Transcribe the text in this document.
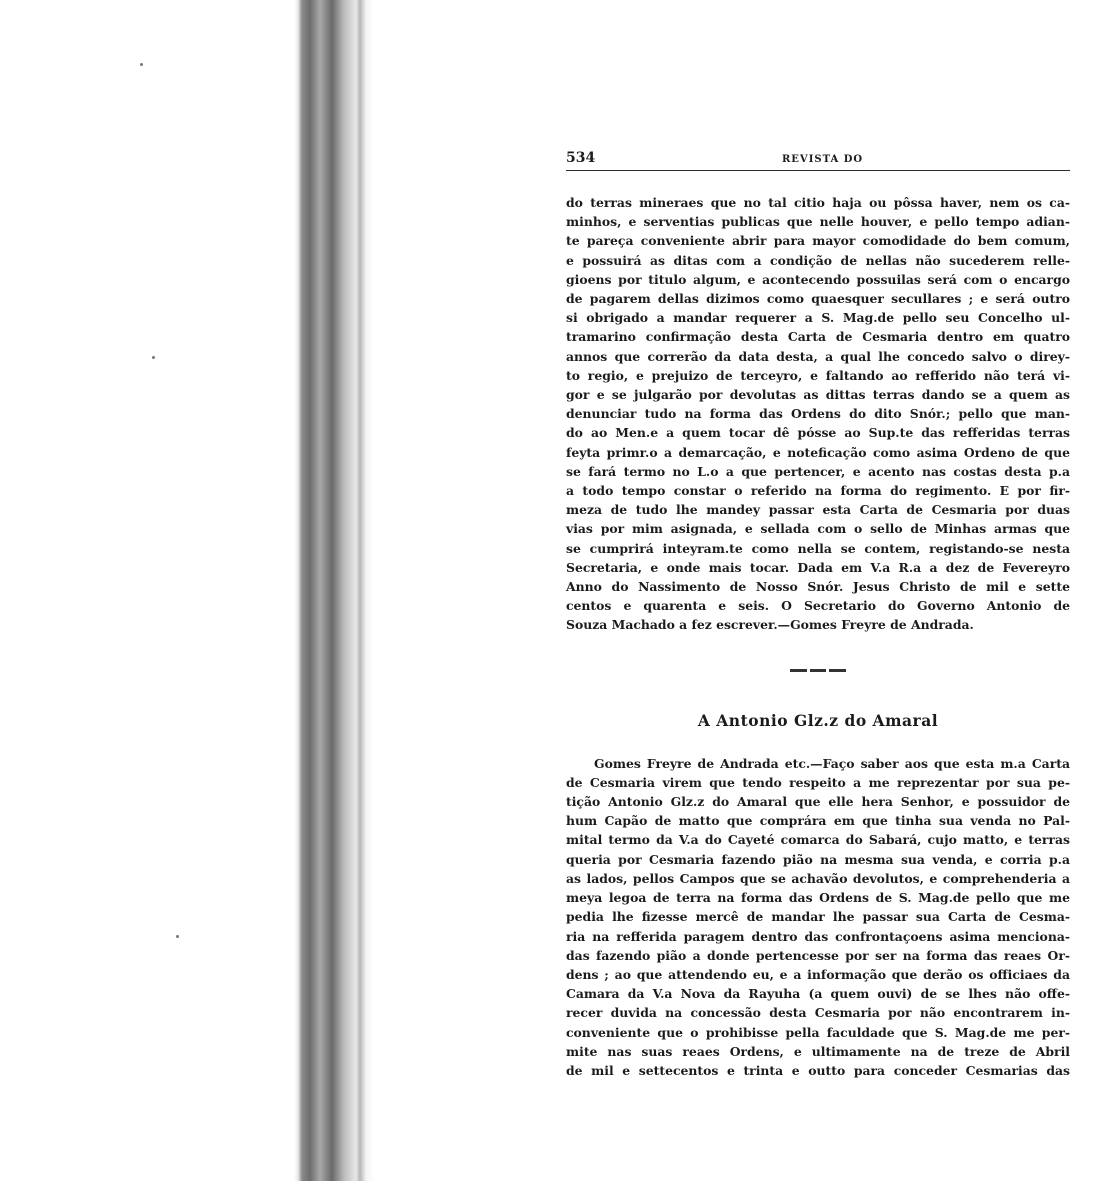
534	REVISTA DO
do terras mineraes que no tal citio haja ou pôssa haver, nem os ca-
minhos, e serventias publicas que nelle houver, e pello tempo adian-
te pareça conveniente abrir para mayor comodidade do bem comum,
e possuirá as ditas com a condição de nellas não sucederem relle-
gioens por titulo algum, e acontecendo possuilas será com o encargo
de pagarem dellas dizimos como quaesquer secullares ; e será outro
si obrigado a mandar requerer a S. Mag.de pello seu Concelho ul-
tramarino confirmação desta Carta de Cesmaria dentro em quatro
annos que correrão da data desta, a qual lhe concedo salvo o direy-
to regio, e prejuizo de terceyro, e faltando ao refferido não terá vi-
gor e se julgarão por devolutas as dittas terras dando se a quem as
denunciar tudo na forma das Ordens do dito Snór.; pello que man-
do ao Men.e a quem tocar dê pósse ao Sup.te das refferidas terras
feyta primr.o a demarcação, e noteficação como asima Ordeno de que
se fará termo no L.o a que pertencer, e acento nas costas desta p.a
a todo tempo constar o referido na forma do regimento. E por fir-
meza de tudo lhe mandey passar esta Carta de Cesmaria por duas
vias por mim asignada, e sellada com o sello de Minhas armas que
se cumprirá inteyram.te como nella se contem, registando-se nesta
Secretaria, e onde mais tocar. Dada em V.a R.a a dez de Fevereyro
Anno do Nassimento de Nosso Snór. Jesus Christo de mil e sette
centos e quarenta e seis. O Secretario do Governo Antonio de
Souza Machado a fez escrever.—Gomes Freyre de Andrada.
A Antonio Glz.z do Amaral
Gomes Freyre de Andrada etc.—Faço saber aos que esta m.a Carta
de Cesmaria virem que tendo respeito a me reprezentar por sua pe-
tição Antonio Glz.z do Amaral que elle hera Senhor, e possuidor de
hum Capão de matto que comprára em que tinha sua venda no Pal-
mital termo da V.a do Cayeté comarca do Sabará, cujo matto, e terras
queria por Cesmaria fazendo pião na mesma sua venda, e corria p.a
as lados, pellos Campos que se achavão devolutos, e comprehenderia a
meya legoa de terra na forma das Ordens de S. Mag.de pello que me
pedia lhe fizesse mercê de mandar lhe passar sua Carta de Cesma-
ria na refferida paragem dentro das confrontaçoens asima menciona-
das fazendo pião a donde pertencesse por ser na forma das reaes Or-
dens ; ao que attendendo eu, e a informação que derão os officiaes da
Camara da V.a Nova da Rayuha (a quem ouvi) de se lhes não offe-
recer duvida na concessão desta Cesmaria por não encontrarem in-
conveniente que o prohibisse pella faculdade que S. Mag.de me per-
mite nas suas reaes Ordens, e ultimamente na de treze de Abril
de mil e settecentos e trinta e outto para conceder Cesmarias das
